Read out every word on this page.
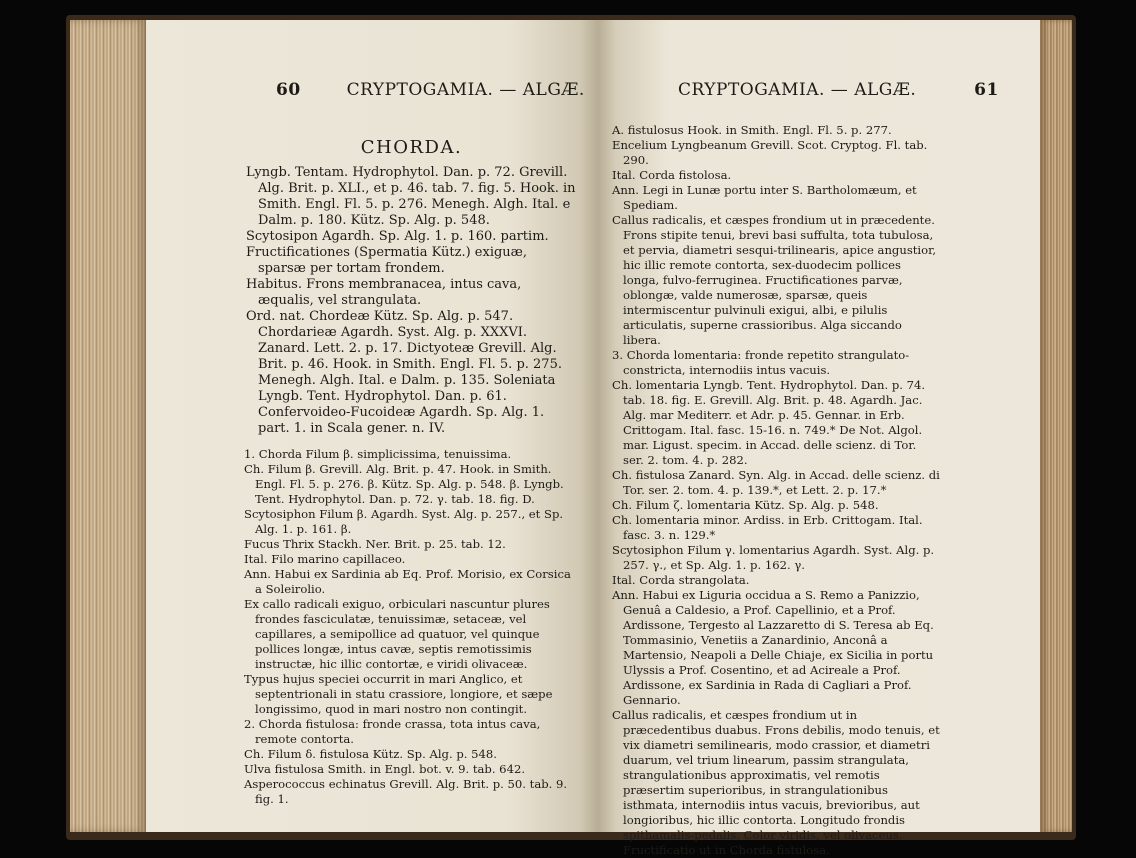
60	CRYPTOGAMIA. — ALGÆ.
CHORDA.

Lyngb. Tentam. Hydrophytol. Dan. p. 72. Grevill. Alg. Brit. p. XLI., et p. 46. tab. 7. fig. 5. Hook. in Smith. Engl. Fl. 5. p. 276. Menegh. Algh. Ital. e Dalm. p. 180. Kütz. Sp. Alg. p. 548.

Scytosipon Agardh. Sp. Alg. 1. p. 160. partim.

Fructificationes (Spermatia Kütz.) exiguæ, sparsæ per tortam frondem.

Habitus. Frons membranacea, intus cava, æqualis, vel strangulata.

Ord. nat. Chordeæ Kütz. Sp. Alg. p. 547. Chordarieæ Agardh. Syst. Alg. p. XXXVI. Zanard. Lett. 2. p. 17. Dictyoteæ Grevill. Alg. Brit. p. 46. Hook. in Smith. Engl. Fl. 5. p. 275. Menegh. Algh. Ital. e Dalm. p. 135. Soleniata Lyngb. Tent. Hydrophytol. Dan. p. 61. Confervoideo-Fucoideæ Agardh. Sp. Alg. 1. part. 1. in Scala gener. n. IV.

1. Chorda Filum β. simplicissima, tenuissima.

Ch. Filum β. Grevill. Alg. Brit. p. 47. Hook. in Smith. Engl. Fl. 5. p. 276. β. Kütz. Sp. Alg. p. 548. β. Lyngb. Tent. Hydrophytol. Dan. p. 72. γ. tab. 18. fig. D.

Scytosiphon Filum β. Agardh. Syst. Alg. p. 257., et Sp. Alg. 1. p. 161. β.

Fucus Thrix Stackh. Ner. Brit. p. 25. tab. 12.

Ital. Filo marino capillaceo.

Ann. Habui ex Sardinia ab Eq. Prof. Morisio, ex Corsica a Soleirolio.

Ex callo radicali exiguo, orbiculari nascuntur plures frondes fasciculatæ, tenuissimæ, setaceæ, vel capillares, a semipollice ad quatuor, vel quinque pollices longæ, intus cavæ, septis remotissimis instructæ, hic illic contortæ, e viridi olivaceæ.

Typus hujus speciei occurrit in mari Anglico, et septentrionali in statu crassiore, longiore, et sæpe longissimo, quod in mari nostro non contingit.

2. Chorda fistulosa: fronde crassa, tota intus cava, remote contorta.

Ch. Filum δ. fistulosa Kütz. Sp. Alg. p. 548.

Ulva fistulosa Smith. in Engl. bot. v. 9. tab. 642.

Asperococcus echinatus Grevill. Alg. Brit. p. 50. tab. 9. fig. 1.

CRYPTOGAMIA. — ALGÆ.	61

A. fistulosus Hook. in Smith. Engl. Fl. 5. p. 277.

Encelium Lyngbeanum Grevill. Scot. Cryptog. Fl. tab. 290.

Ital. Corda fistolosa.

Ann. Legi in Lunæ portu inter S. Bartholomæum, et Spediam.

Callus radicalis, et cæspes frondium ut in præcedente. Frons stipite tenui, brevi basi suffulta, tota tubulosa, et pervia, diametri sesqui-trilinearis, apice angustior, hic illic remote contorta, sex-duodecim pollices longa, fulvo-ferruginea. Fructificationes parvæ, oblongæ, valde numerosæ, sparsæ, queis intermiscentur pulvinuli exigui, albi, e pilulis articulatis, superne crassioribus. Alga siccando libera.

3. Chorda lomentaria: fronde repetito strangulato-constricta, internodiis intus vacuis.

Ch. lomentaria Lyngb. Tent. Hydrophytol. Dan. p. 74. tab. 18. fig. E. Grevill. Alg. Brit. p. 48. Agardh. Jac. Alg. mar Mediterr. et Adr. p. 45. Gennar. in Erb. Crittogam. Ital. fasc. 15-16. n. 749.* De Not. Algol. mar. Ligust. specim. in Accad. delle scienz. di Tor. ser. 2. tom. 4. p. 282.

Ch. fistulosa Zanard. Syn. Alg. in Accad. delle scienz. di Tor. ser. 2. tom. 4. p. 139.*, et Lett. 2. p. 17.*

Ch. Filum ζ. lomentaria Kütz. Sp. Alg. p. 548.

Ch. lomentaria minor. Ardiss. in Erb. Crittogam. Ital. fasc. 3. n. 129.*

Scytosiphon Filum γ. lomentarius Agardh. Syst. Alg. p. 257. γ., et Sp. Alg. 1. p. 162. γ.

Ital. Corda strangolata.

Ann. Habui ex Liguria occidua a S. Remo a Panizzio, Genuâ a Caldesio, a Prof. Capellinio, et a Prof. Ardissone, Tergesto al Lazzaretto di S. Teresa ab Eq. Tommasinio, Venetiis a Zanardinio, Anconâ a Martensio, Neapoli a Delle Chiaje, ex Sicilia in portu Ulyssis a Prof. Cosentino, et ad Acireale a Prof. Ardissone, ex Sardinia in Rada di Cagliari a Prof. Gennario.

Callus radicalis, et cæspes frondium ut in præcedentibus duabus. Frons debilis, modo tenuis, et vix diametri semilinearis, modo crassior, et diametri duarum, vel trium linearum, passim strangulata, strangulationibus approximatis, vel remotis præsertim superioribus, in strangulationibus isthmata, internodiis intus vacuis, brevioribus, aut longioribus, hic illic contorta. Longitudo frondis spithamalis-pedalis. Color viridis, vel olivaceus. Fructificatio ut in Chorda fistulosa.
